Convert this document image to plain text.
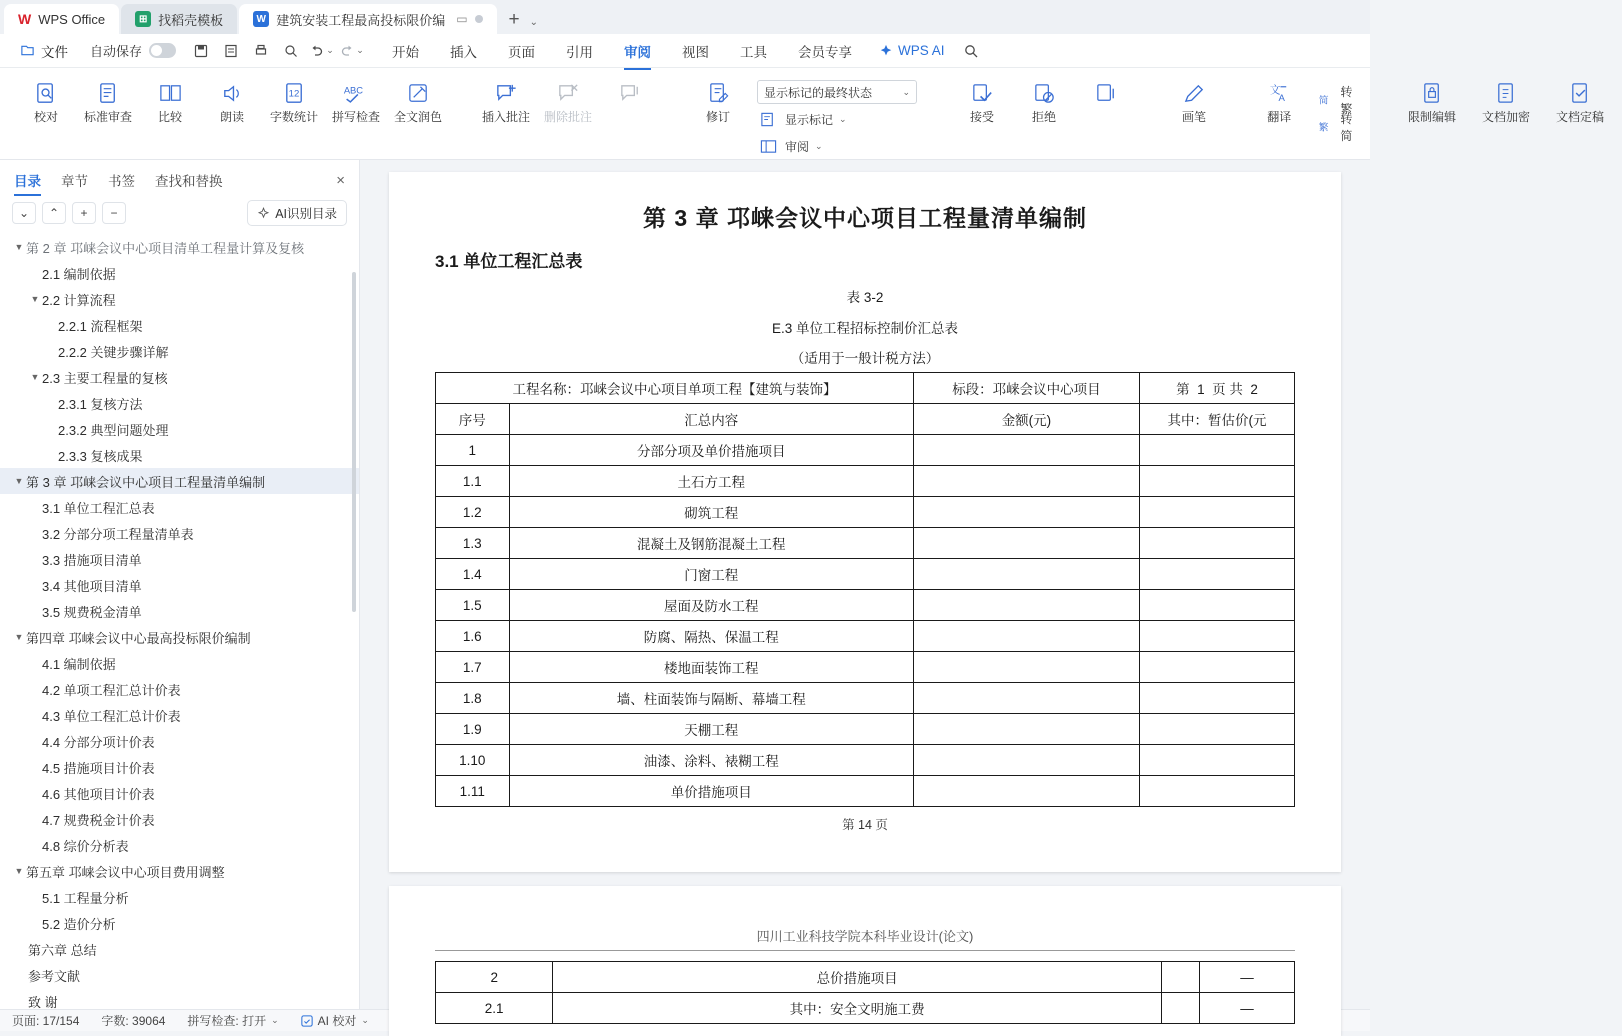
W WPS Office	⊞ 找稻壳模板	W 建筑安装工程最高投标限价编 ▭	+	⌄
文件 自动保存	⌄ ⌄	开始	插入	页面	引用	审阅	视图	工具	会员专享	WPS AI
校对 标准审查 比较	朗读
12
字数统计
ABC
拼写检查 全文润色	插入批注 删除批注	修订
显示标记的最终状态	⌄
显示标记 ⌄
审阅 ⌄
接受	拒绝	画笔
文
A
翻译
简
转繁
繁
转简
限制编辑 文档加密 文档定稿
目录 章节 书签 查找和替换	×
⌄	⌃	+	−	AI识别目录
▼ 第 2 章 邛崃会议中心项目清单工程量计算及复核
2.1 编制依据
▼ 2.2 计算流程
2.2.1 流程框架
2.2.2 关键步骤详解
▼ 2.3 主要工程量的复核
2.3.1 复核方法
2.3.2 典型问题处理
2.3.3 复核成果
▼ 第 3 章 邛崃会议中心项目工程量清单编制
3.1 单位工程汇总表
3.2 分部分项工程量清单表
3.3 措施项目清单
3.4 其他项目清单
3.5 规费税金清单
▼ 第四章 邛崃会议中心最高投标限价编制
4.1 编制依据
4.2 单项工程汇总计价表
4.3 单位工程汇总计价表
4.4 分部分项计价表
4.5 措施项目计价表
4.6 其他项目计价表
4.7 规费税金计价表
4.8 综价分析表
▼ 第五章 邛崃会议中心项目费用调整
5.1 工程量分析
5.2 造价分析
第六章 总结
参考文献
致 谢
第 3 章 邛崃会议中心项目工程量清单编制
3.1 单位工程汇总表
表 3-2
E.3 单位工程招标控制价汇总表			
（适用于一般计税方法）			
工程名称：邛崃会议中心项目单项工程【建筑与装饰】		标段：邛崃会议中心项目	第 1 页 共 2
序号	汇总内容	金额(元)	其中：暂估价(元
1	分部分项及单价措施项目		
1.1	土石方工程		
1.2	砌筑工程		
1.3	混凝土及钢筋混凝土工程		
1.4	门窗工程		
1.5	屋面及防水工程		
1.6	防腐、隔热、保温工程		
1.7	楼地面装饰工程		
1.8	墙、柱面装饰与隔断、幕墙工程		
1.9	天棚工程		
1.10	油漆、涂料、裱糊工程		
1.11	单价措施项目		
第 14 页
四川工业科技学院本科毕业设计(论文)
2	总价措施项目		—
2.1	其中：安全文明施工费		—
页面: 17/154 字数: 39064 拼写检查: 打开 ⌄	AI 校对 ⌄
